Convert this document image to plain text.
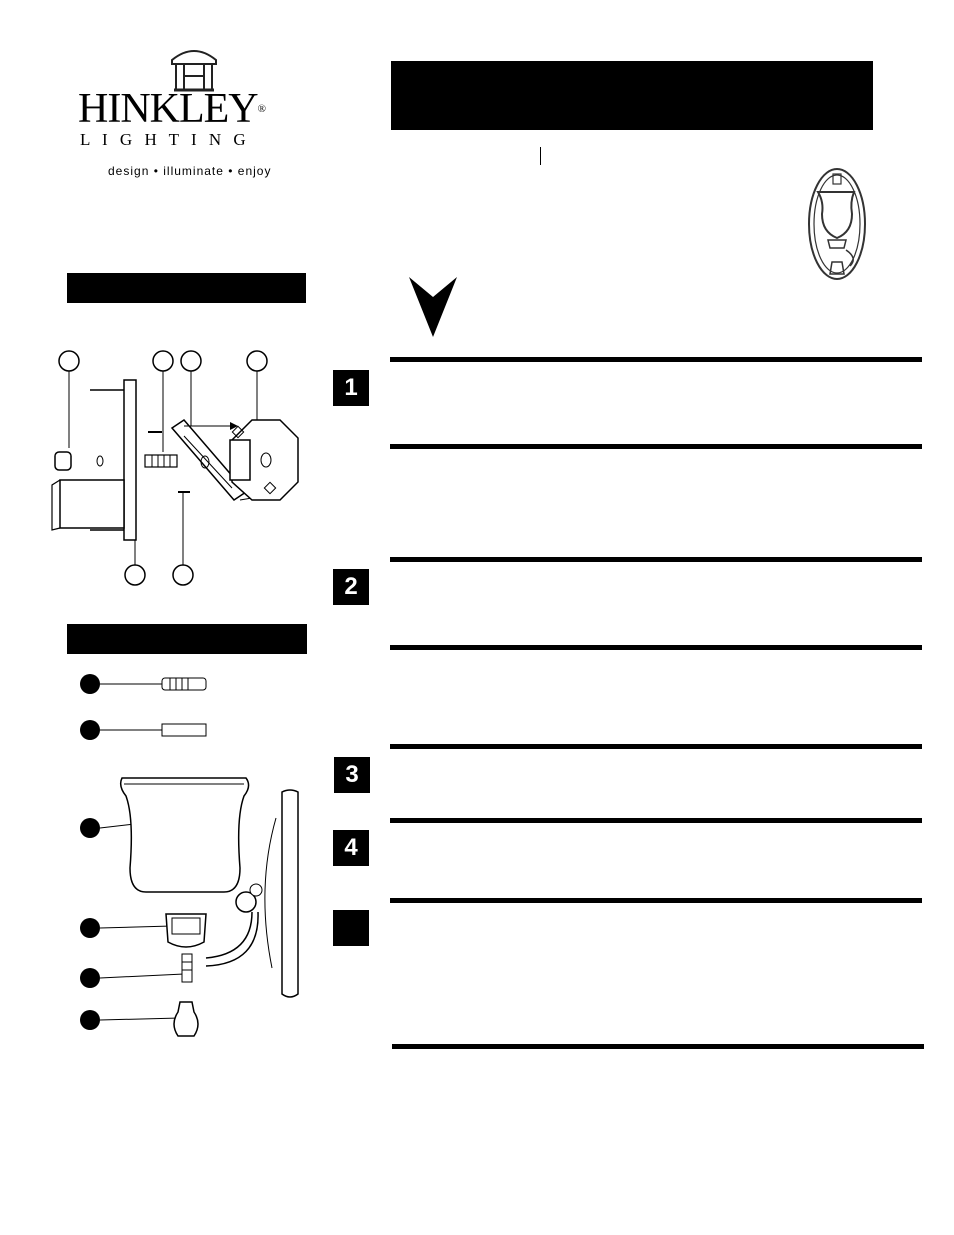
HINKLEY®
L I G H T I N G
design • illuminate • enjoy
1
2
3
4
